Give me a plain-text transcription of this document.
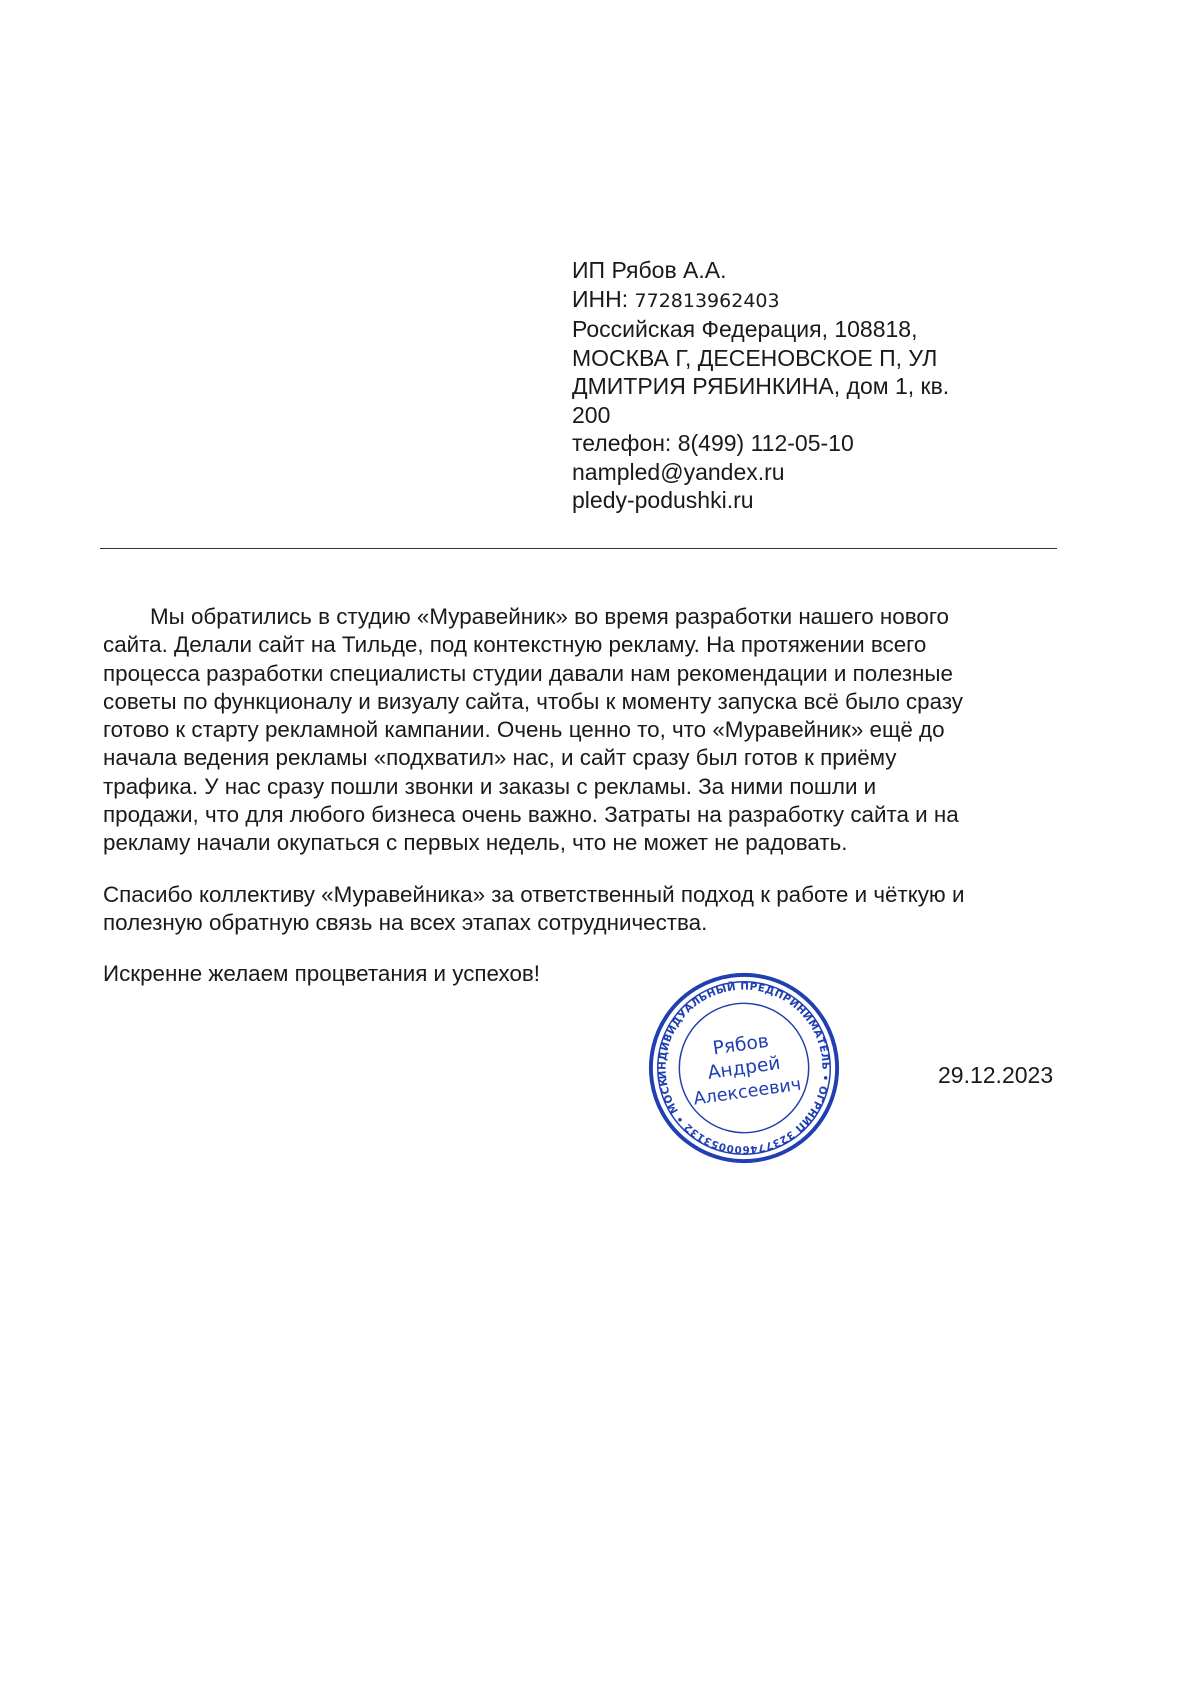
ИП Рябов А.А.
ИНН: 772813962403
Российская Федерация, 108818,
МОСКВА Г, ДЕСЕНОВСКОЕ П, УЛ
ДМИТРИЯ РЯБИНКИНА, дом 1, кв.
200
телефон: 8(499) 112-05-10
nampled@yandex.ru
pledy-podushki.ru
Мы обратились в студию «Муравейник» во время разработки нашего нового
сайта. Делали сайт на Тильде, под контекстную рекламу. На протяжении всего
процесса разработки специалисты студии давали нам рекомендации и полезные
советы по функционалу и визуалу сайта, чтобы к моменту запуска всё было сразу
готово к старту рекламной кампании. Очень ценно то, что «Муравейник» ещё до
начала ведения рекламы «подхватил» нас, и сайт сразу был готов к приёму
трафика. У нас сразу пошли звонки и заказы с рекламы. За ними пошли и
продажи, что для любого бизнеса очень важно. Затраты на разработку сайта и на
рекламу начали окупаться с первых недель, что не может не радовать.
Спасибо коллективу «Муравейника» за ответственный подход к работе и чёткую и
полезную обратную связь на всех этапах сотрудничества.
Искренне желаем процветания и успехов!
29.12.2023
ИНДИВИДУАЛЬНЫЙ ПРЕДПРИНИМАТЕЛЬ • ОГРНИП 323774600053132 • МОСКВА
Рябов
Андрей
Алексеевич
